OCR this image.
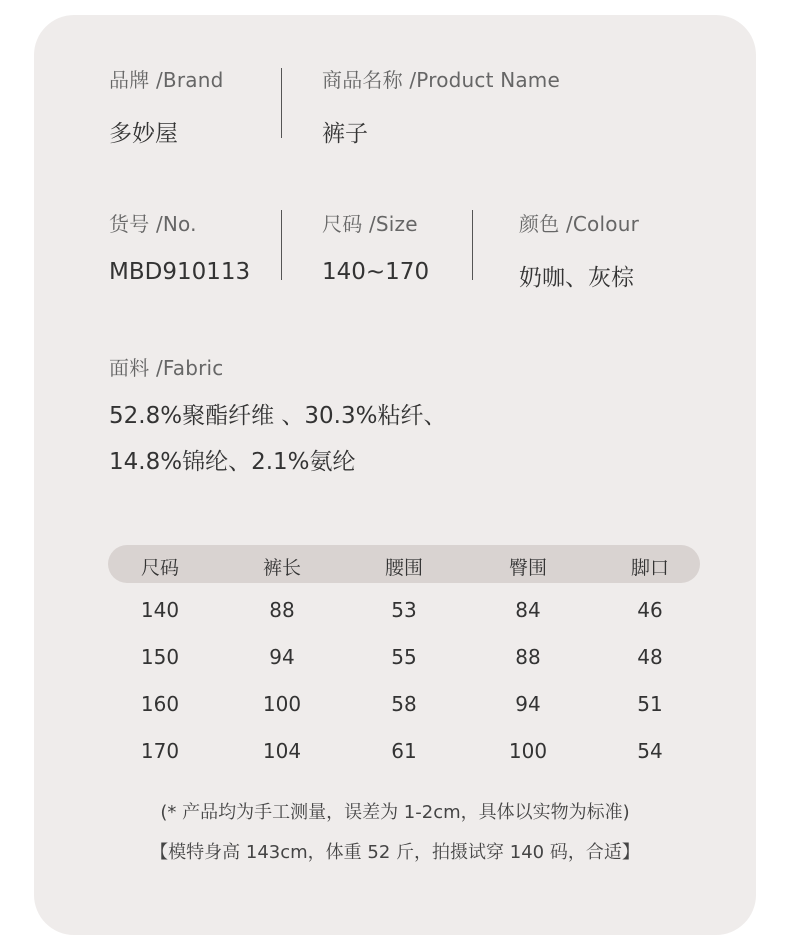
品牌 /Brand
多妙屋
商品名称 /Product Name
裤子
货号 /No.
MBD910113
尺码 /Size
140~170
颜色 /Colour
奶咖、灰棕
面料 /Fabric
52.8%聚酯纤维 、30.3%粘纤、
14.8%锦纶、2.1%氨纶
尺码	裤长	腰围	臀围	脚口
140	88	53	84	46
150	94	55	88	48
160	100	58	94	51
170	104	61	100	54
(* 产品均为手工测量，误差为 1-2cm，具体以实物为标准)
【模特身高 143cm，体重 52 斤，拍摄试穿 140 码，合适】
